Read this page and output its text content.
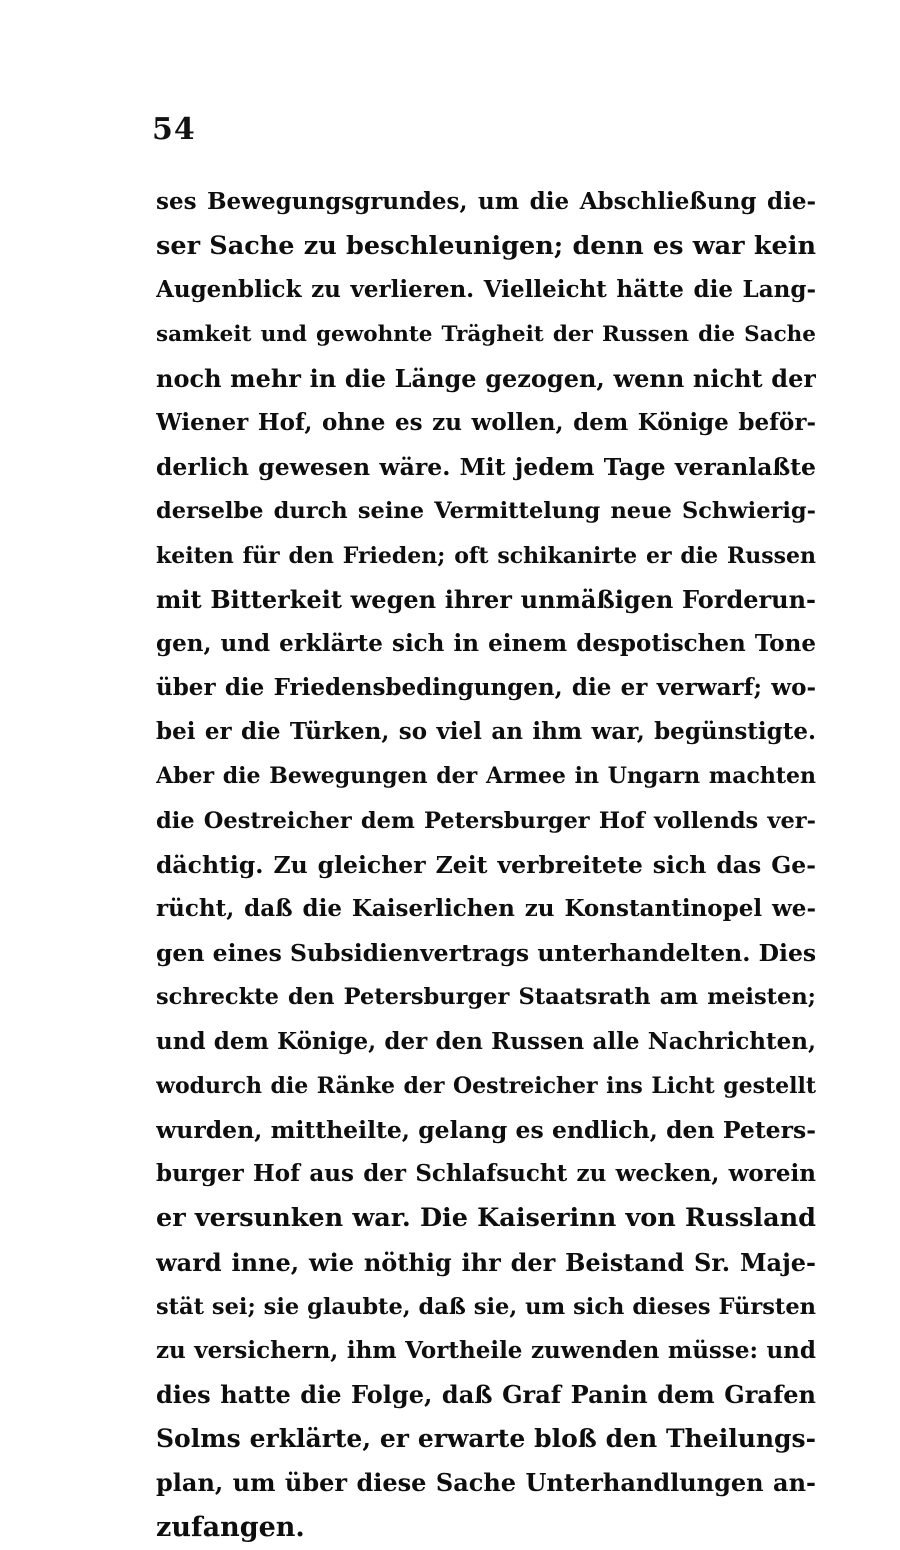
54
ses Bewegungsgrundes, um die Abschließung die-
ser Sache zu beschleunigen; denn es war kein
Augenblick zu verlieren. Vielleicht hätte die Lang-
samkeit und gewohnte Trägheit der Russen die Sache
noch mehr in die Länge gezogen, wenn nicht der
Wiener Hof, ohne es zu wollen, dem Könige beför-
derlich gewesen wäre. Mit jedem Tage veranlaßte
derselbe durch seine Vermittelung neue Schwierig-
keiten für den Frieden; oft schikanirte er die Russen
mit Bitterkeit wegen ihrer unmäßigen Forderun-
gen, und erklärte sich in einem despotischen Tone
über die Friedensbedingungen, die er verwarf; wo-
bei er die Türken, so viel an ihm war, begünstigte.
Aber die Bewegungen der Armee in Ungarn machten
die Oestreicher dem Petersburger Hof vollends ver-
dächtig. Zu gleicher Zeit verbreitete sich das Ge-
rücht, daß die Kaiserlichen zu Konstantinopel we-
gen eines Subsidienvertrags unterhandelten. Dies
schreckte den Petersburger Staatsrath am meisten;
und dem Könige, der den Russen alle Nachrichten,
wodurch die Ränke der Oestreicher ins Licht gestellt
wurden, mittheilte, gelang es endlich, den Peters-
burger Hof aus der Schlafsucht zu wecken, worein
er versunken war. Die Kaiserinn von Russland
ward inne, wie nöthig ihr der Beistand Sr. Maje-
stät sei; sie glaubte, daß sie, um sich dieses Fürsten
zu versichern, ihm Vortheile zuwenden müsse: und
dies hatte die Folge, daß Graf Panin dem Grafen
Solms erklärte, er erwarte bloß den Theilungs-
plan, um über diese Sache Unterhandlungen an-
zufangen.
